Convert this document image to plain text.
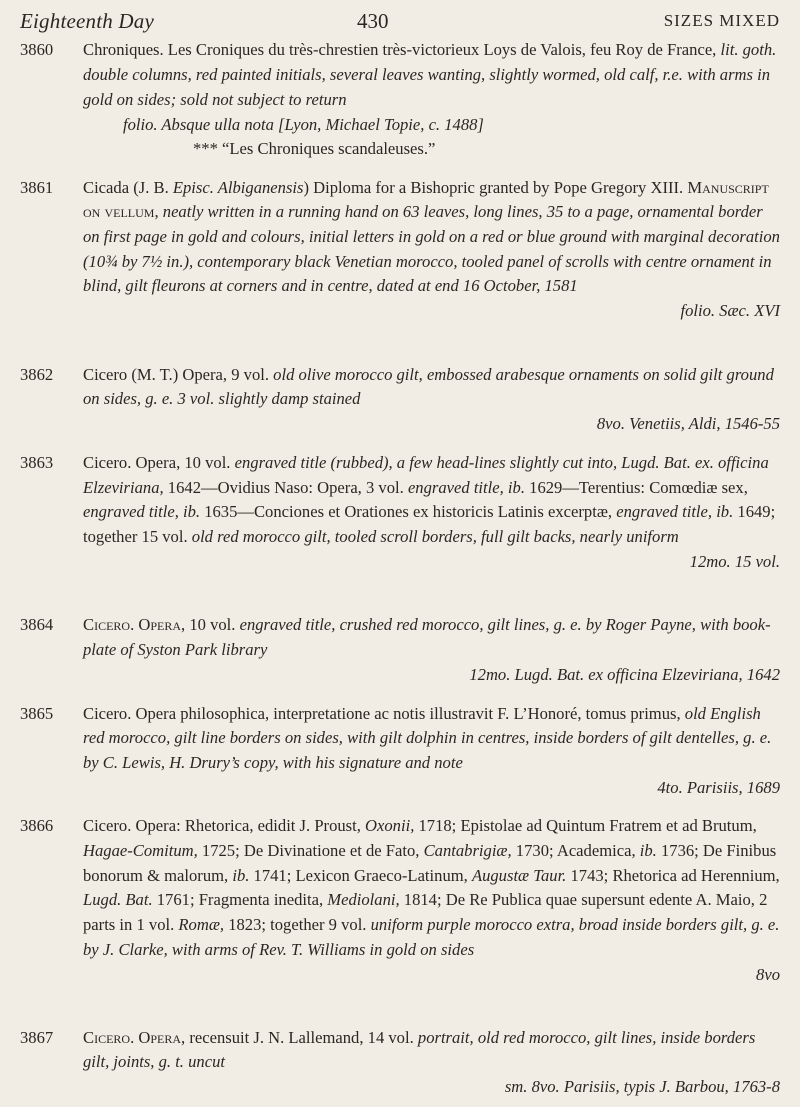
Eighteenth Day	430	SIZES MIXED
3860	Chroniques. Les Croniques du très-chrestien très-victorieux Loys de Valois, feu Roy de France, lit. goth. double columns, red painted initials, several leaves wanting, slightly wormed, old calf, r.e. with arms in gold on sides; sold not subject to return
folio. Absque ulla nota [Lyon, Michael Topie, c. 1488]
*** “Les Chroniques scandaleuses.”
3861	Cicada (J. B. Episc. Albiganensis) Diploma for a Bishopric granted by Pope Gregory XIII. Manuscript on vellum, neatly written in a running hand on 63 leaves, long lines, 35 to a page, ornamental border on first page in gold and colours, initial letters in gold on a red or blue ground with marginal decoration (10¾ by 7½ in.), contemporary black Venetian morocco, tooled panel of scrolls with centre ornament in blind, gilt fleurons at corners and in centre, dated at end 16 October, 1581
folio. Sæc. XVI
3862	Cicero (M. T.) Opera, 9 vol. old olive morocco gilt, embossed arabesque ornaments on solid gilt ground on sides, g. e. 3 vol. slightly damp stained
8vo. Venetiis, Aldi, 1546-55
3863	Cicero. Opera, 10 vol. engraved title (rubbed), a few head-lines slightly cut into, Lugd. Bat. ex. officina Elzeviriana, 1642—Ovidius Naso: Opera, 3 vol. engraved title, ib. 1629—Terentius: Comœdiæ sex, engraved title, ib. 1635—Conciones et Orationes ex historicis Latinis excerptæ, engraved title, ib. 1649; together 15 vol. old red morocco gilt, tooled scroll borders, full gilt backs, nearly uniform
12mo. 15 vol.
3864	Cicero. Opera, 10 vol. engraved title, crushed red morocco, gilt lines, g. e. by Roger Payne, with book-plate of Syston Park library
12mo. Lugd. Bat. ex officina Elzeviriana, 1642
3865	Cicero. Opera philosophica, interpretatione ac notis illustravit F. L’Honoré, tomus primus, old English red morocco, gilt line borders on sides, with gilt dolphin in centres, inside borders of gilt dentelles, g. e. by C. Lewis, H. Drury’s copy, with his signature and note
4to. Parisiis, 1689
3866	Cicero. Opera: Rhetorica, edidit J. Proust, Oxonii, 1718; Epistolae ad Quintum Fratrem et ad Brutum, Hagae-Comitum, 1725; De Divinatione et de Fato, Cantabrigiæ, 1730; Academica, ib. 1736; De Finibus bonorum & malorum, ib. 1741; Lexicon Graeco-Latinum, Augustæ Taur. 1743; Rhetorica ad Herennium, Lugd. Bat. 1761; Fragmenta inedita, Mediolani, 1814; De Re Publica quae supersunt edente A. Maio, 2 parts in 1 vol. Romæ, 1823; together 9 vol. uniform purple morocco extra, broad inside borders gilt, g. e. by J. Clarke, with arms of Rev. T. Williams in gold on sides
8vo
3867	Cicero. Opera, recensuit J. N. Lallemand, 14 vol. portrait, old red morocco, gilt lines, inside borders gilt, joints, g. t. uncut
sm. 8vo. Parisiis, typis J. Barbou, 1763-8
